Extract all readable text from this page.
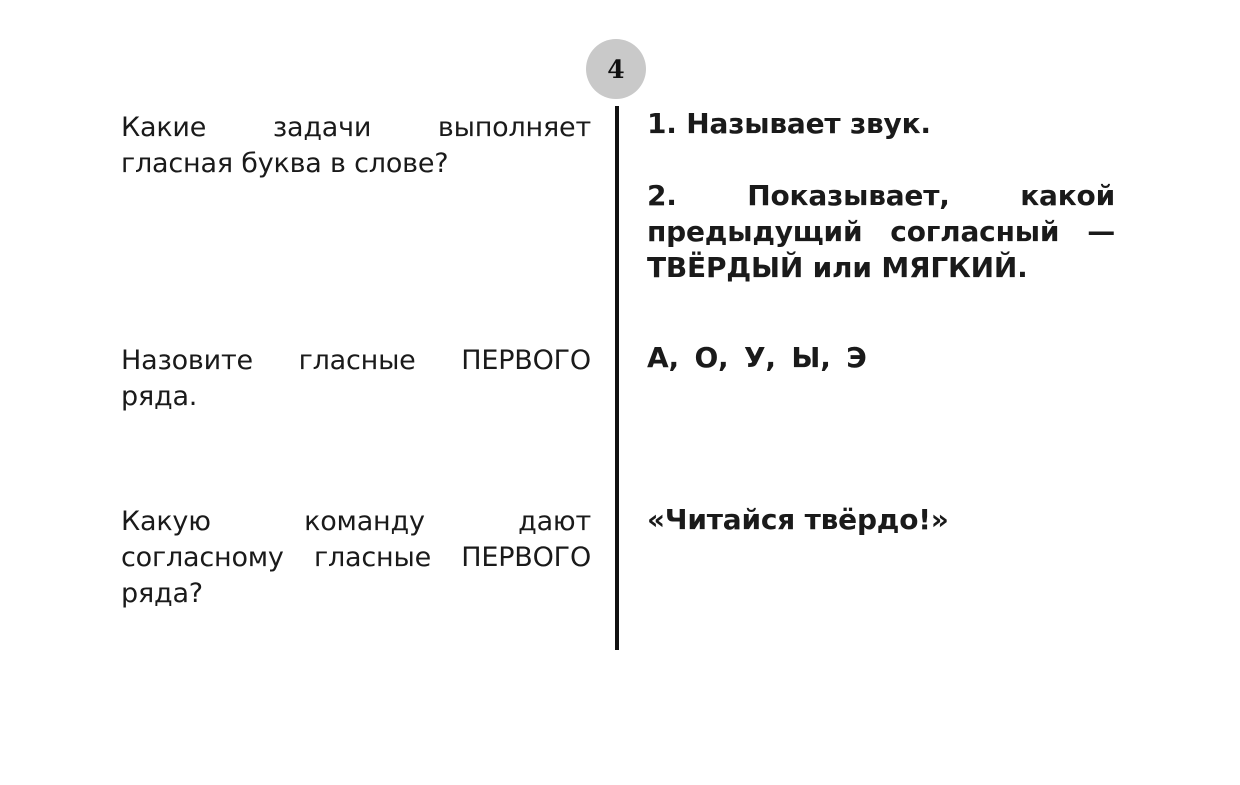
4

Какие задачи выполняет гласная буква в слове?

1. Называет звук.

2. Показывает, какой предыдущий согласный — ТВЁРДЫЙ или МЯГКИЙ.

Назовите гласные ПЕРВОГО ряда.

А, О, У, Ы, Э

Какую команду дают согласному гласные ПЕРВОГО ряда?

«Читайся твёрдо!»
